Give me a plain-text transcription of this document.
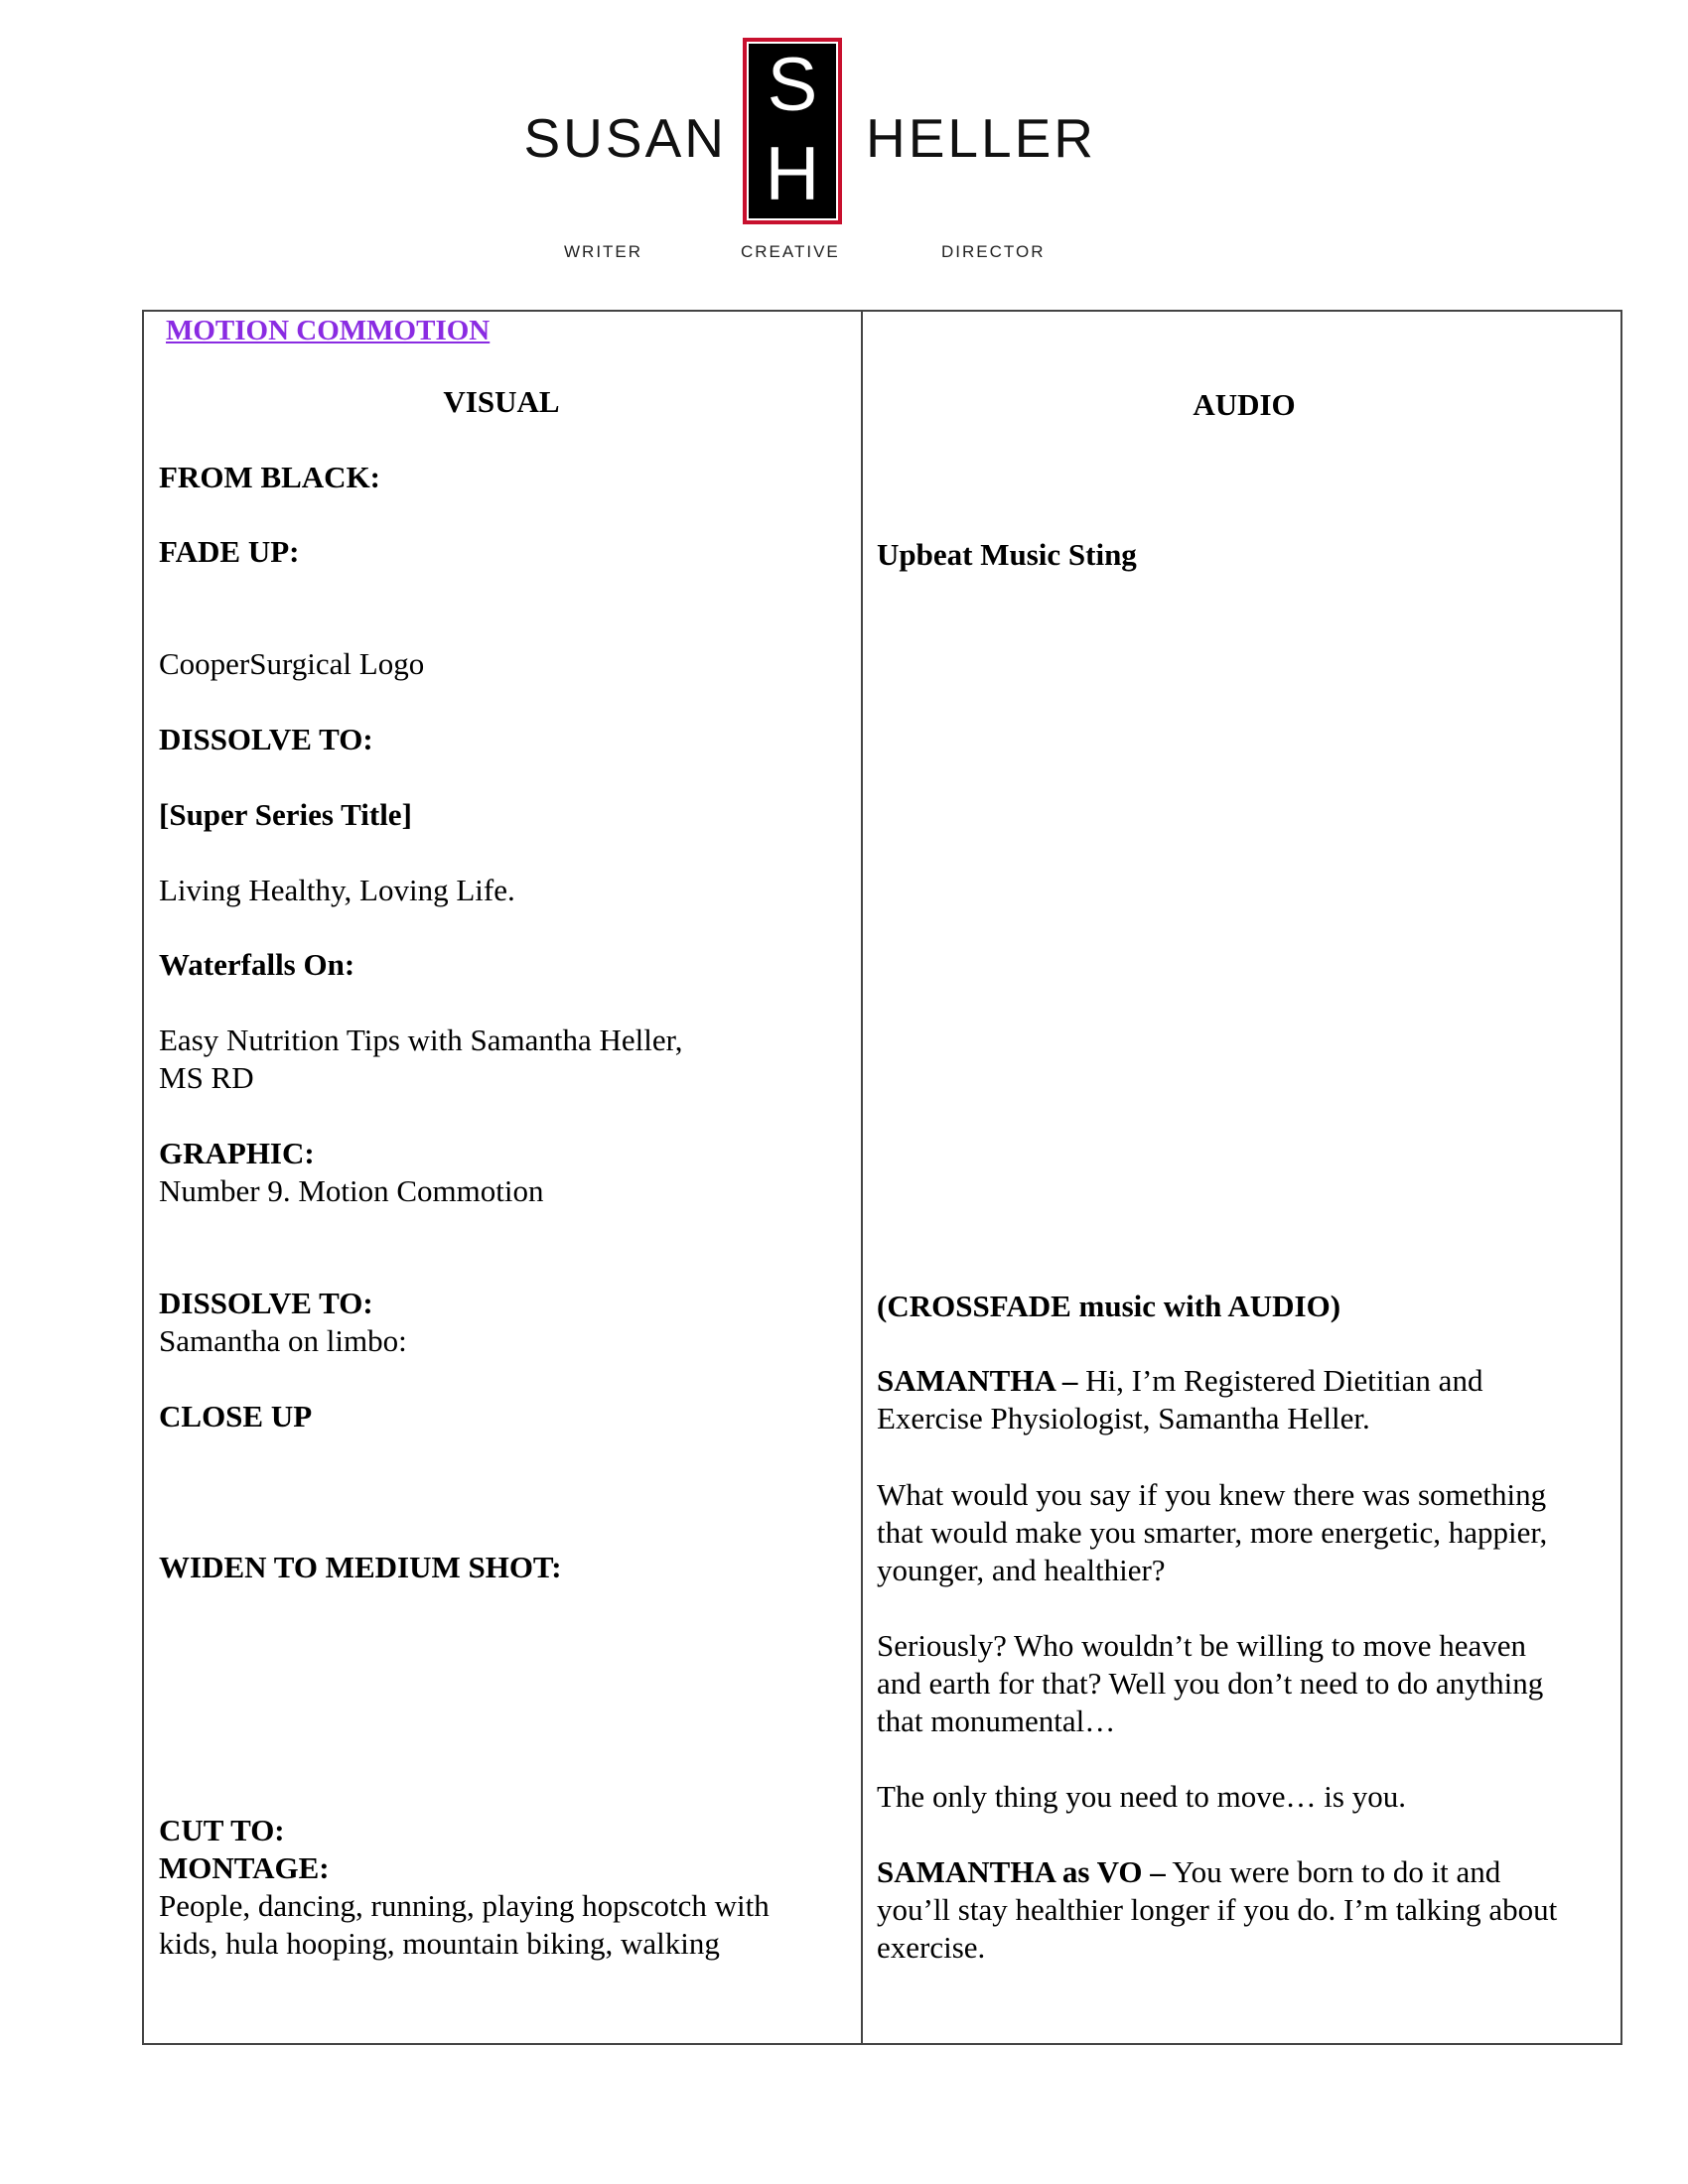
susan
S
H
heller
writer	creative	director
MOTION COMMOTION
VISUAL
FROM BLACK:
FADE UP:
CooperSurgical Logo
DISSOLVE TO:
[Super Series Title]
Living Healthy, Loving Life.
Waterfalls On:
Easy Nutrition Tips with Samantha Heller,
MS RD
GRAPHIC:
Number 9. Motion Commotion
DISSOLVE TO:
Samantha on limbo:
CLOSE UP
WIDEN TO MEDIUM SHOT:
CUT TO:
MONTAGE:
People, dancing, running, playing hopscotch with
kids, hula hooping, mountain biking, walking
AUDIO
Upbeat Music Sting
(CROSSFADE music with AUDIO)
SAMANTHA – Hi, I’m Registered Dietitian and
Exercise Physiologist, Samantha Heller.
What would you say if you knew there was something
that would make you smarter, more energetic, happier,
younger, and healthier?
Seriously? Who wouldn’t be willing to move heaven
and earth for that? Well you don’t need to do anything
that monumental…
The only thing you need to move… is you.
SAMANTHA as VO – You were born to do it and
you’ll stay healthier longer if you do. I’m talking about
exercise.
